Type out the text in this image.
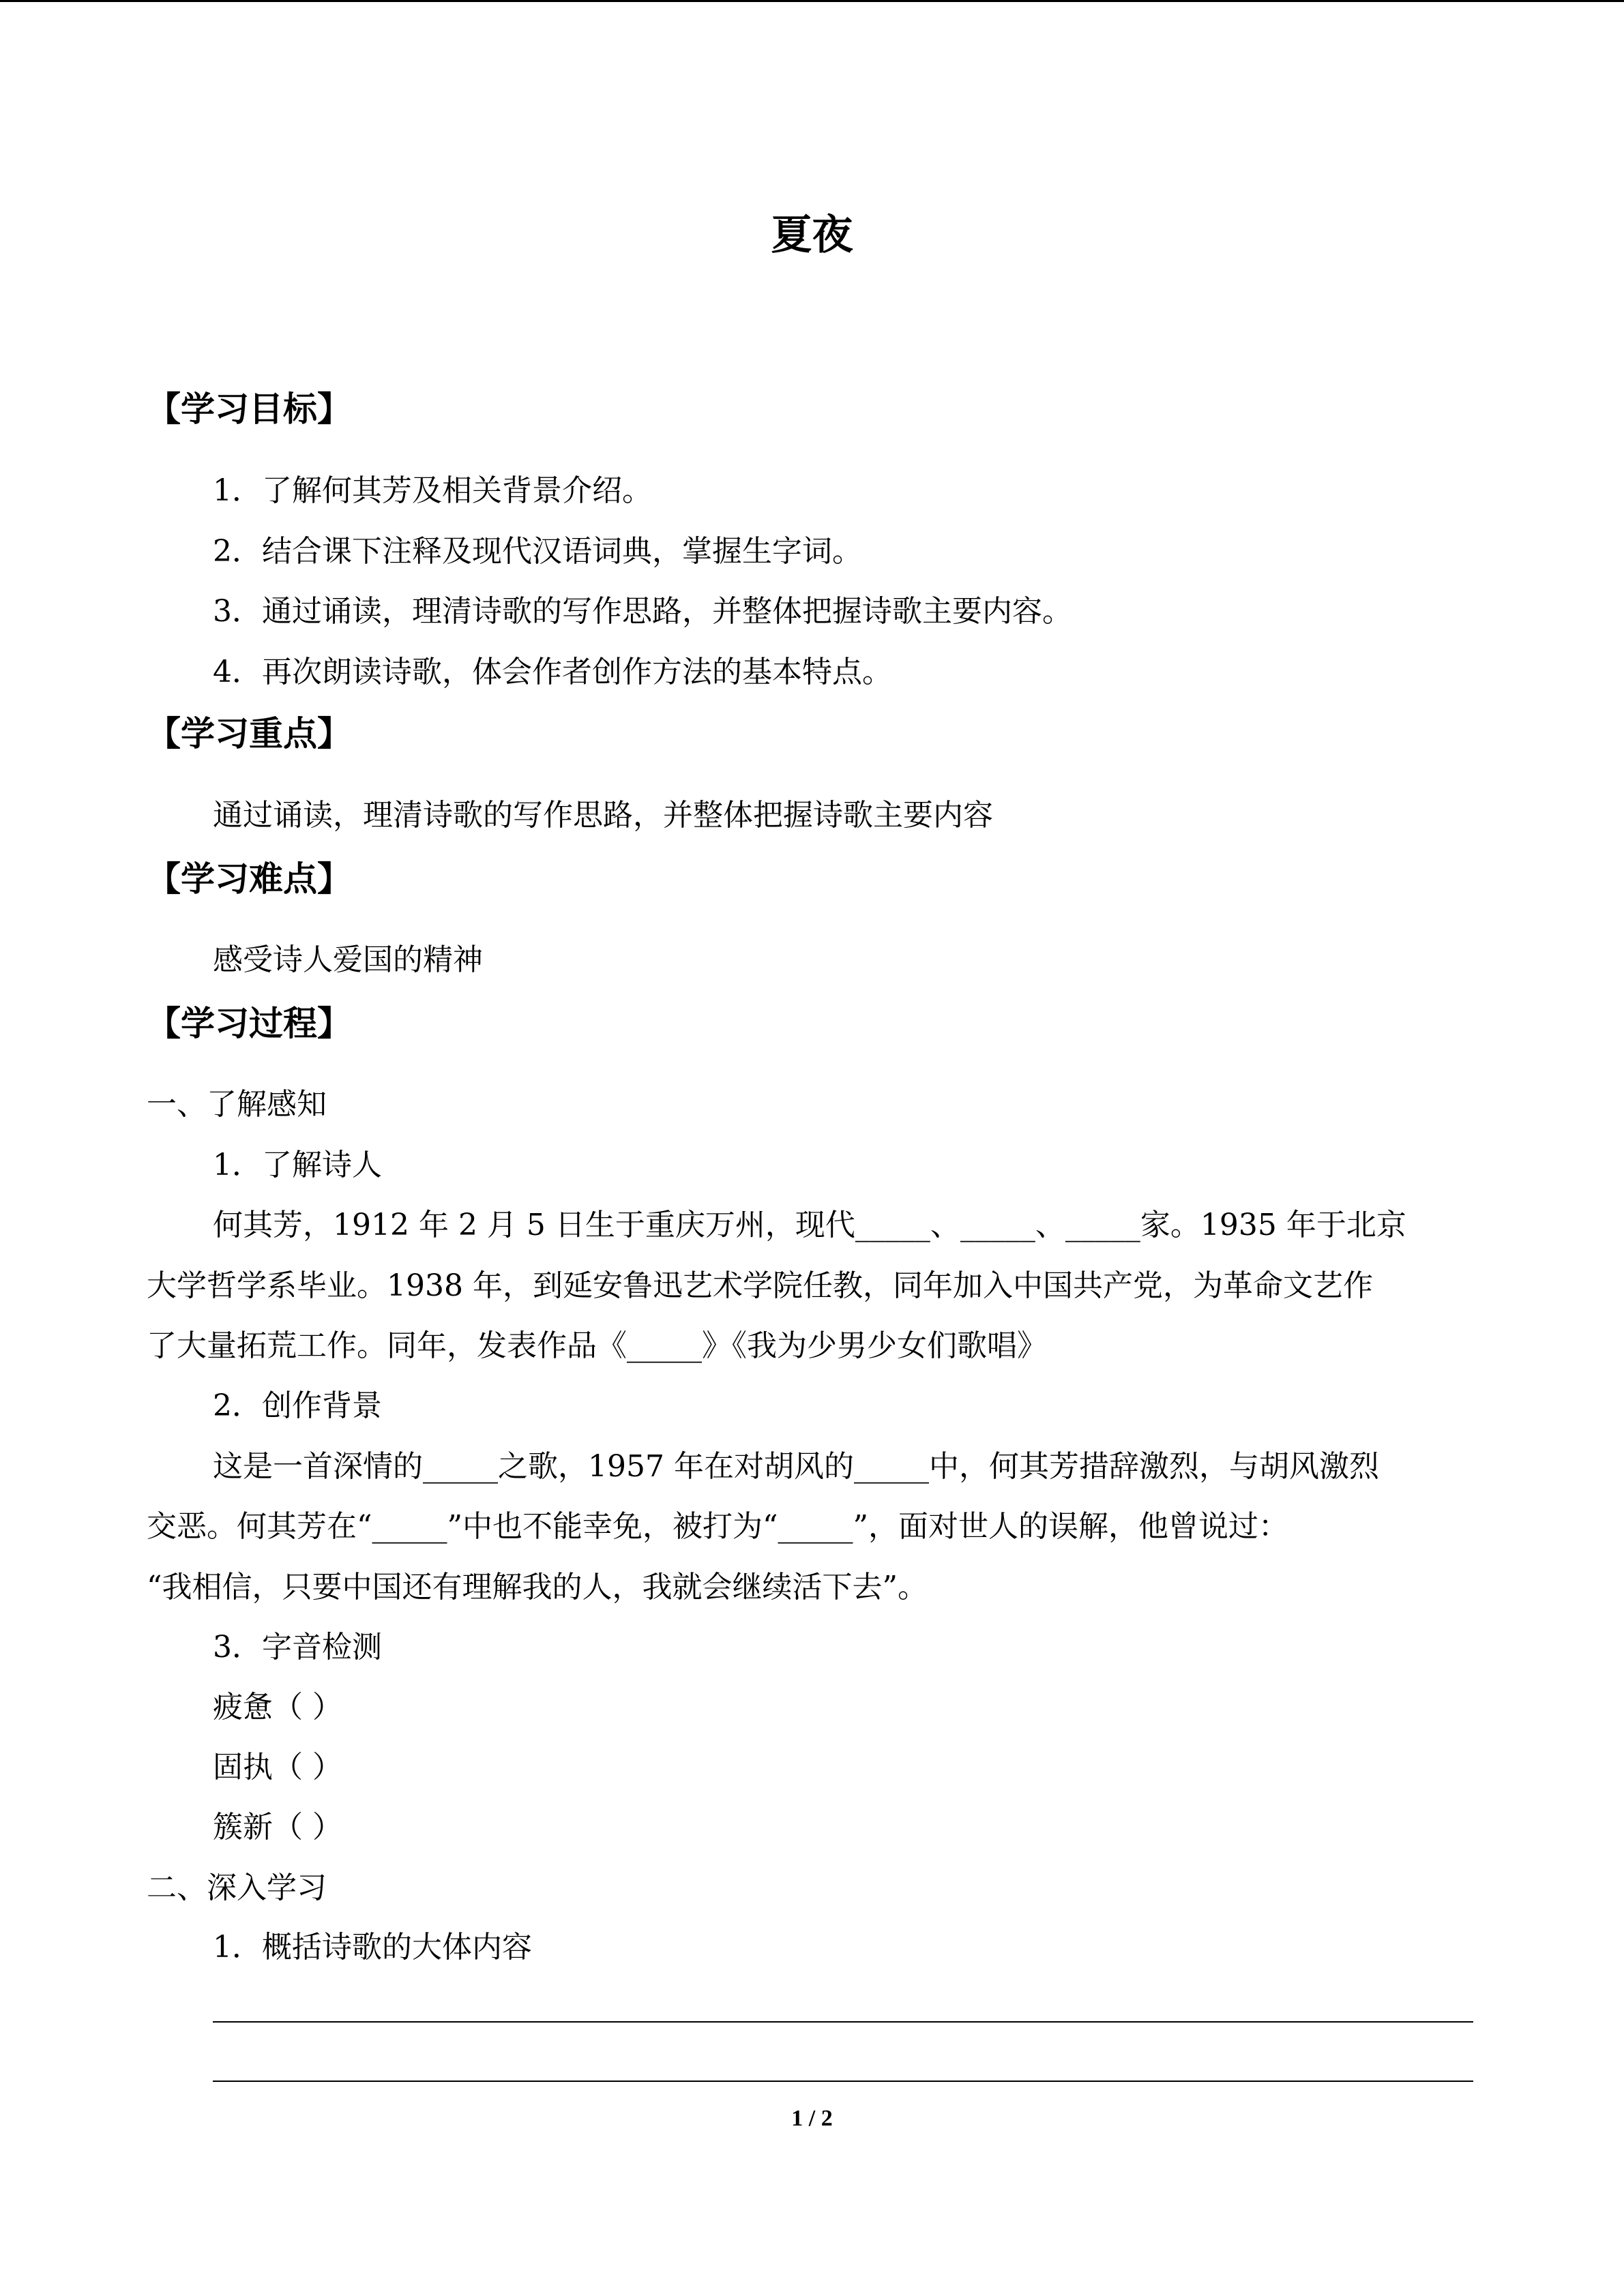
夏夜
【学习目标】
1．了解何其芳及相关背景介绍。
2．结合课下注释及现代汉语词典，掌握生字词。
3．通过诵读，理清诗歌的写作思路，并整体把握诗歌主要内容。
4．再次朗读诗歌，体会作者创作方法的基本特点。
【学习重点】
通过诵读，理清诗歌的写作思路，并整体把握诗歌主要内容
【学习难点】
感受诗人爱国的精神
【学习过程】
一、了解感知
1．了解诗人
何其芳，1912 年 2 月 5 日生于重庆万州，现代_____、_____、_____家。1935 年于北京
大学哲学系毕业。1938 年，到延安鲁迅艺术学院任教，同年加入中国共产党，为革命文艺作
了大量拓荒工作。同年，发表作品《_____》《我为少男少女们歌唱》
2．创作背景
这是一首深情的_____之歌，1957 年在对胡风的_____中，何其芳措辞激烈，与胡风激烈
交恶。何其芳在“_____”中也不能幸免，被打为“_____”，面对世人的误解，他曾说过：
“我相信，只要中国还有理解我的人，我就会继续活下去”。
3．字音检测
疲惫（ ）
固执（ ）
簇新（ ）
二、深入学习
1．概括诗歌的大体内容
1 / 2
